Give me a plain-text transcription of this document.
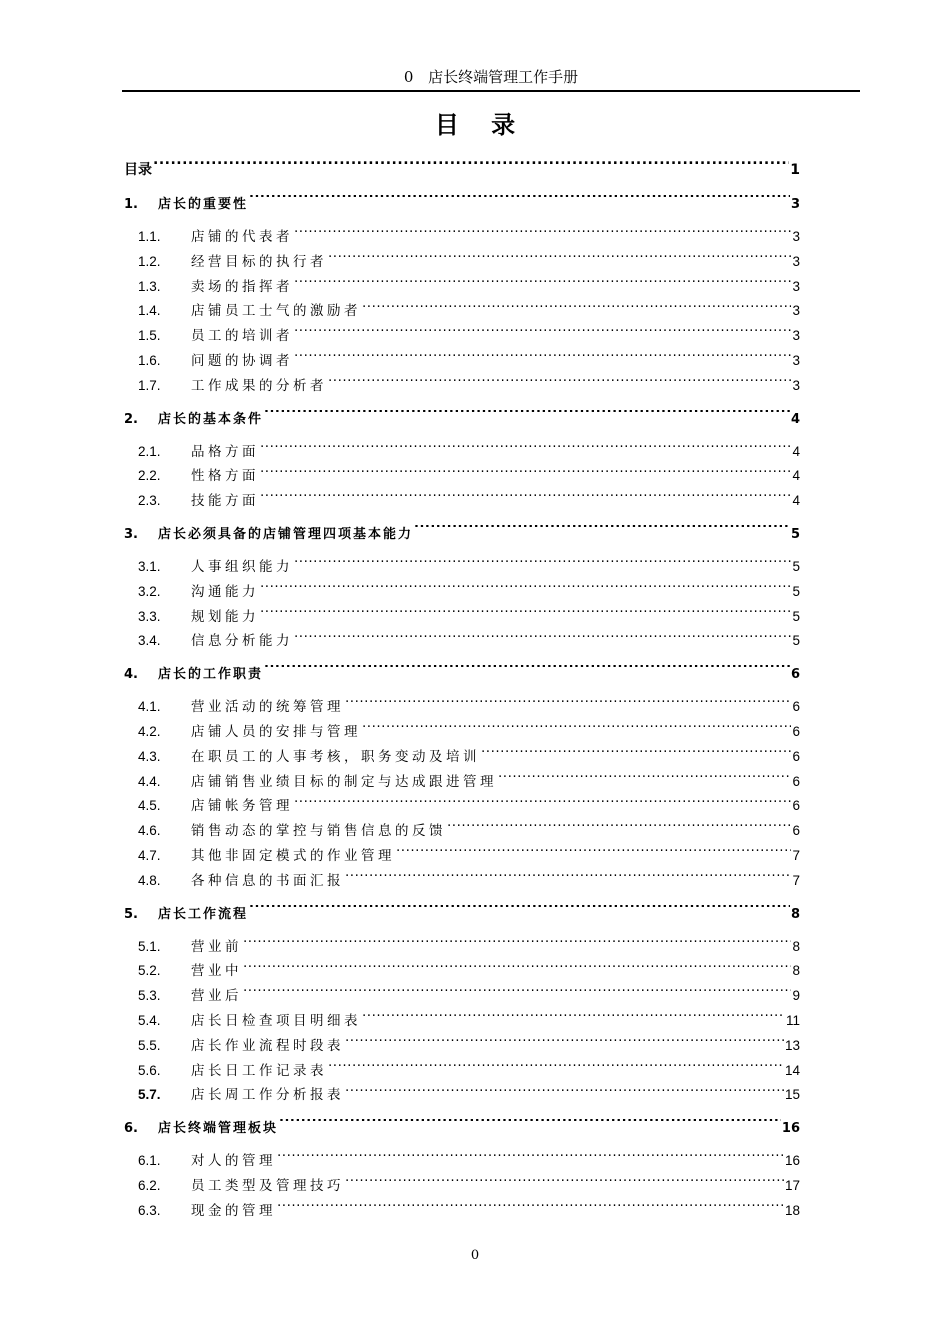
0 店长终端管理工作手册
目 录
目录 .....	1
1.	店长的重要性 .....	3
1.1.	店铺的代表者 .....	3
1.2.	经营目标的执行者 .....	3
1.3.	卖场的指挥者 .....	3
1.4.	店铺员工士气的激励者 .....	3
1.5.	员工的培训者 .....	3
1.6.	问题的协调者 .....	3
1.7.	工作成果的分析者 .....	3
2.	店长的基本条件 .....	4
2.1.	品格方面 .....	4
2.2.	性格方面 .....	4
2.3.	技能方面 .....	4
3.	店长必须具备的店铺管理四项基本能力 .....	5
3.1.	人事组织能力 .....	5
3.2.	沟通能力 .....	5
3.3.	规划能力 .....	5
3.4.	信息分析能力 .....	5
4.	店长的工作职责 .....	6
4.1.	营业活动的统筹管理 .....	6
4.2.	店铺人员的安排与管理 .....	6
4.3.	在职员工的人事考核，职务变动及培训 .....	6
4.4.	店铺销售业绩目标的制定与达成跟进管理 .....	6
4.5.	店铺帐务管理 .....	6
4.6.	销售动态的掌控与销售信息的反馈 .....	6
4.7.	其他非固定模式的作业管理 .....	7
4.8.	各种信息的书面汇报 .....	7
5.	店长工作流程 .....	8
5.1.	营业前 .....	8
5.2.	营业中 .....	8
5.3.	营业后 .....	9
5.4.	店长日检查项目明细表 .....	11
5.5.	店长作业流程时段表 .....	13
5.6.	店长日工作记录表 .....	14
5.7.	店长周工作分析报表 .....	15
6.	店长终端管理板块 .....	16
6.1.	对人的管理 .....	16
6.2.	员工类型及管理技巧 .....	17
6.3.	现金的管理 .....	18
0
